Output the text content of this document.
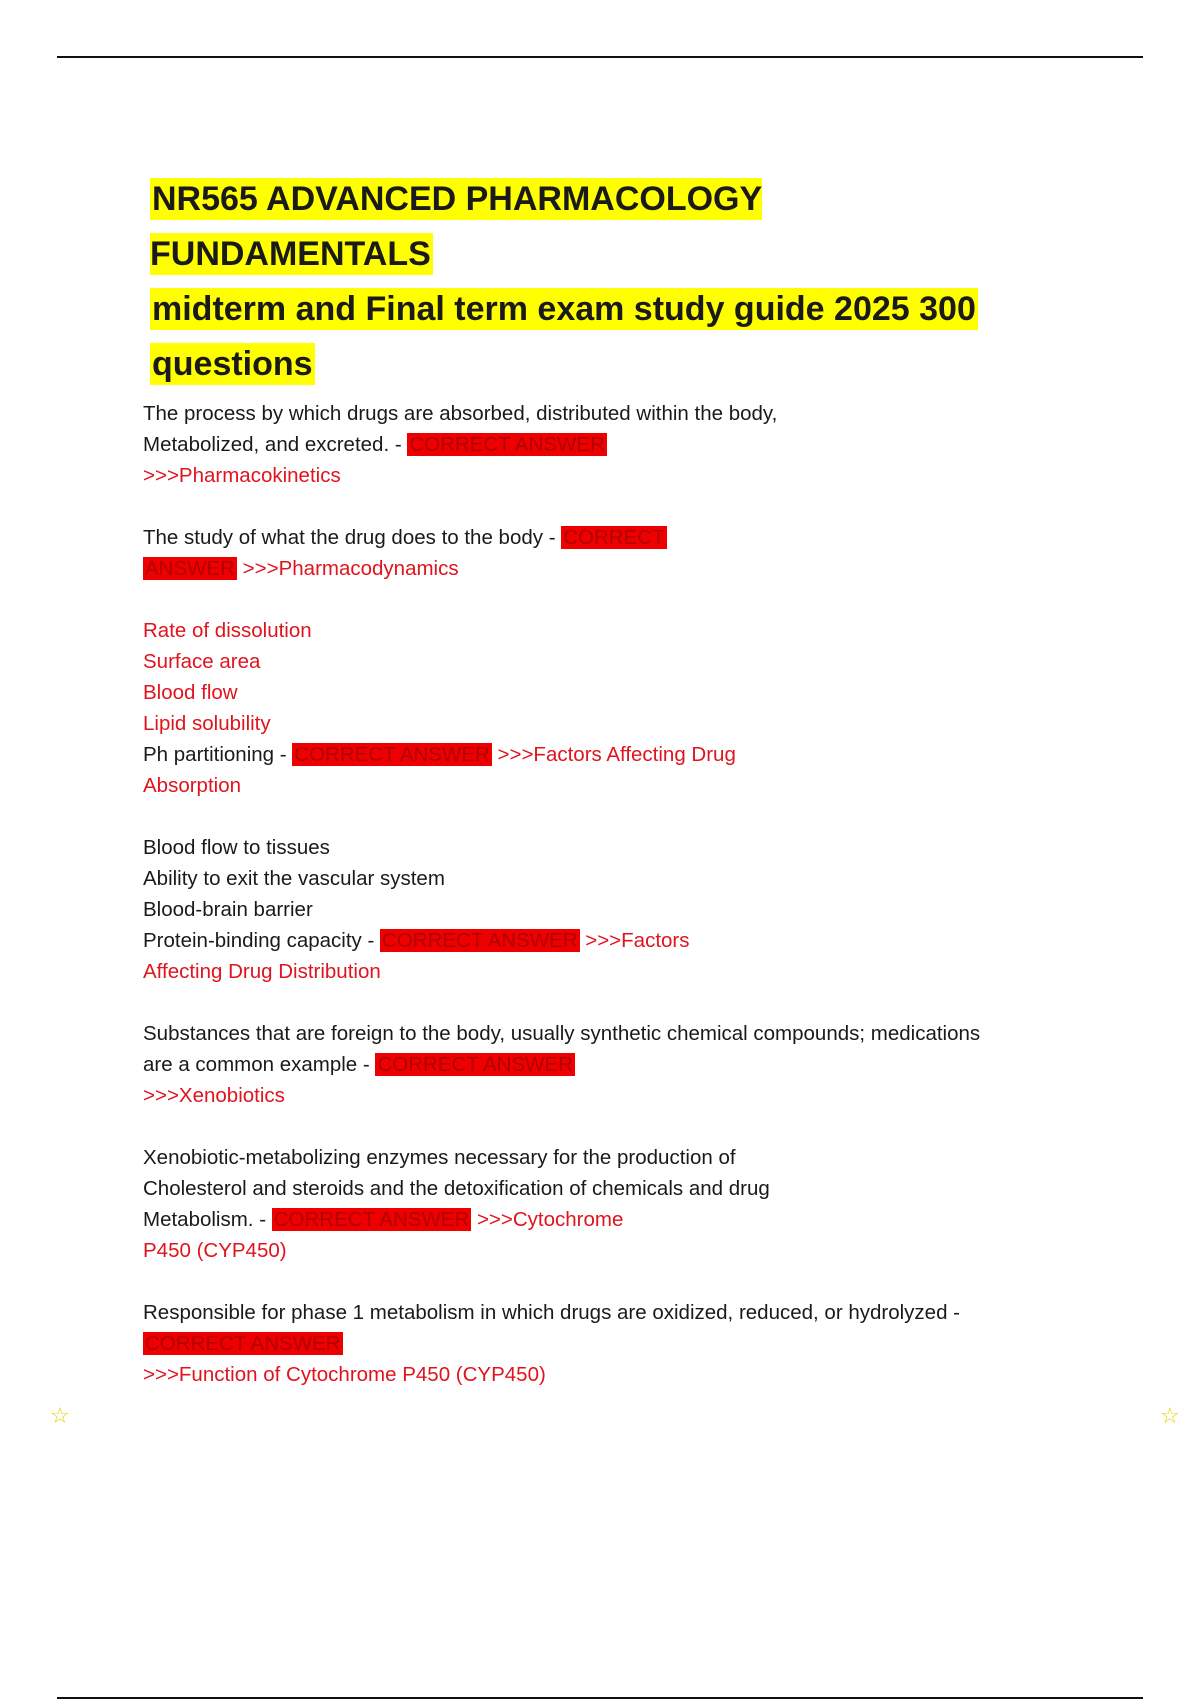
NR565 ADVANCED PHARMACOLOGY FUNDAMENTALS
midterm and Final term exam study guide 2025 300
questions
The process by which drugs are absorbed, distributed within the body,
Metabolized, and excreted. - CORRECT ANSWER
>>>Pharmacokinetics
The study of what the drug does to the body - CORRECT
ANSWER >>>Pharmacodynamics
Rate of dissolution
Surface area
Blood flow
Lipid solubility
Ph partitioning - CORRECT ANSWER >>>Factors Affecting Drug
Absorption
Blood flow to tissues
Ability to exit the vascular system
Blood-brain barrier
Protein-binding capacity - CORRECT ANSWER >>>Factors
Affecting Drug Distribution
Substances that are foreign to the body, usually synthetic chemical compounds; medications
are a common example - CORRECT ANSWER
>>>Xenobiotics
Xenobiotic-metabolizing enzymes necessary for the production of
Cholesterol and steroids and the detoxification of chemicals and drug
Metabolism. - CORRECT ANSWER >>>Cytochrome
P450 (CYP450)
Responsible for phase 1 metabolism in which drugs are oxidized, reduced, or hydrolyzed -
CORRECT ANSWER
>>>Function of Cytochrome P450 (CYP450)
☆	☆
